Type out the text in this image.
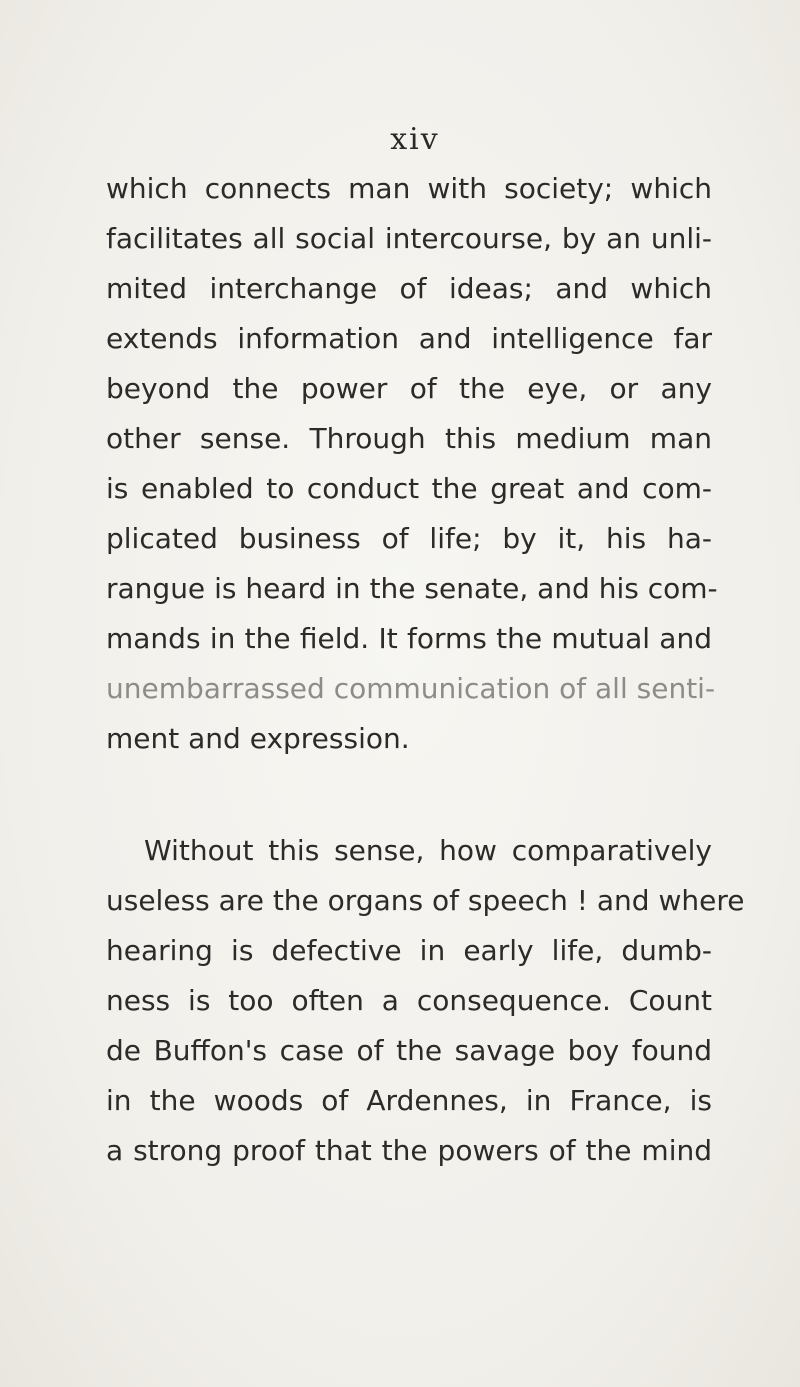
xiv
which connects man with society; which
facilitates all social intercourse, by an unli-
mited interchange of ideas; and which
extends information and intelligence far
beyond the power of the eye, or any
other sense. Through this medium man
is enabled to conduct the great and com-
plicated business of life; by it, his ha-
rangue is heard in the senate, and his com-
mands in the field. It forms the mutual and
unembarrassed communication of all senti-
ment and expression.
Without this sense, how comparatively
useless are the organs of speech ! and where
hearing is defective in early life, dumb-
ness is too often a consequence. Count
de Buffon's case of the savage boy found
in the woods of Ardennes, in France, is
a strong proof that the powers of the mind
